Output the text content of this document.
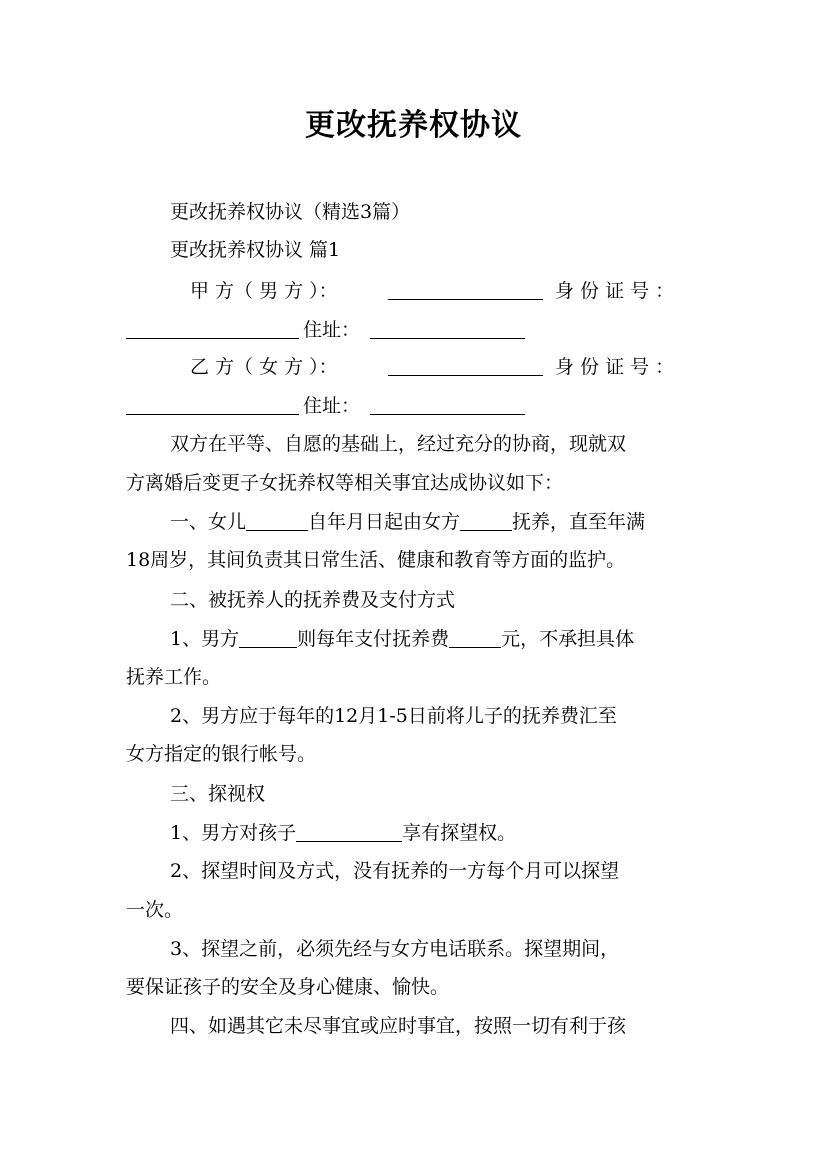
更改抚养权协议
更改抚养权协议（精选3篇）
更改抚养权协议 篇1
甲 方（ 男 方 ）：	身 份 证 号 ：
住址：
乙 方（ 女 方 ）：	身 份 证 号 ：
住址：
双方在平等、自愿的基础上，经过充分的协商，现就双
方离婚后变更子女抚养权等相关事宜达成协议如下：
一、女儿	自年月日起由女方	抚养，直至年满
18周岁，其间负责其日常生活、健康和教育等方面的监护。
二、被抚养人的抚养费及支付方式
1、男方	则每年支付抚养费	元，不承担具体
抚养工作。
2、男方应于每年的12月1-5日前将儿子的抚养费汇至
女方指定的银行帐号。
三、探视权
1、男方对孩子	享有探望权。
2、探望时间及方式，没有抚养的一方每个月可以探望
一次。
3、探望之前，必须先经与女方电话联系。探望期间，
要保证孩子的安全及身心健康、愉快。
四、如遇其它未尽事宜或应时事宜，按照一切有利于孩
